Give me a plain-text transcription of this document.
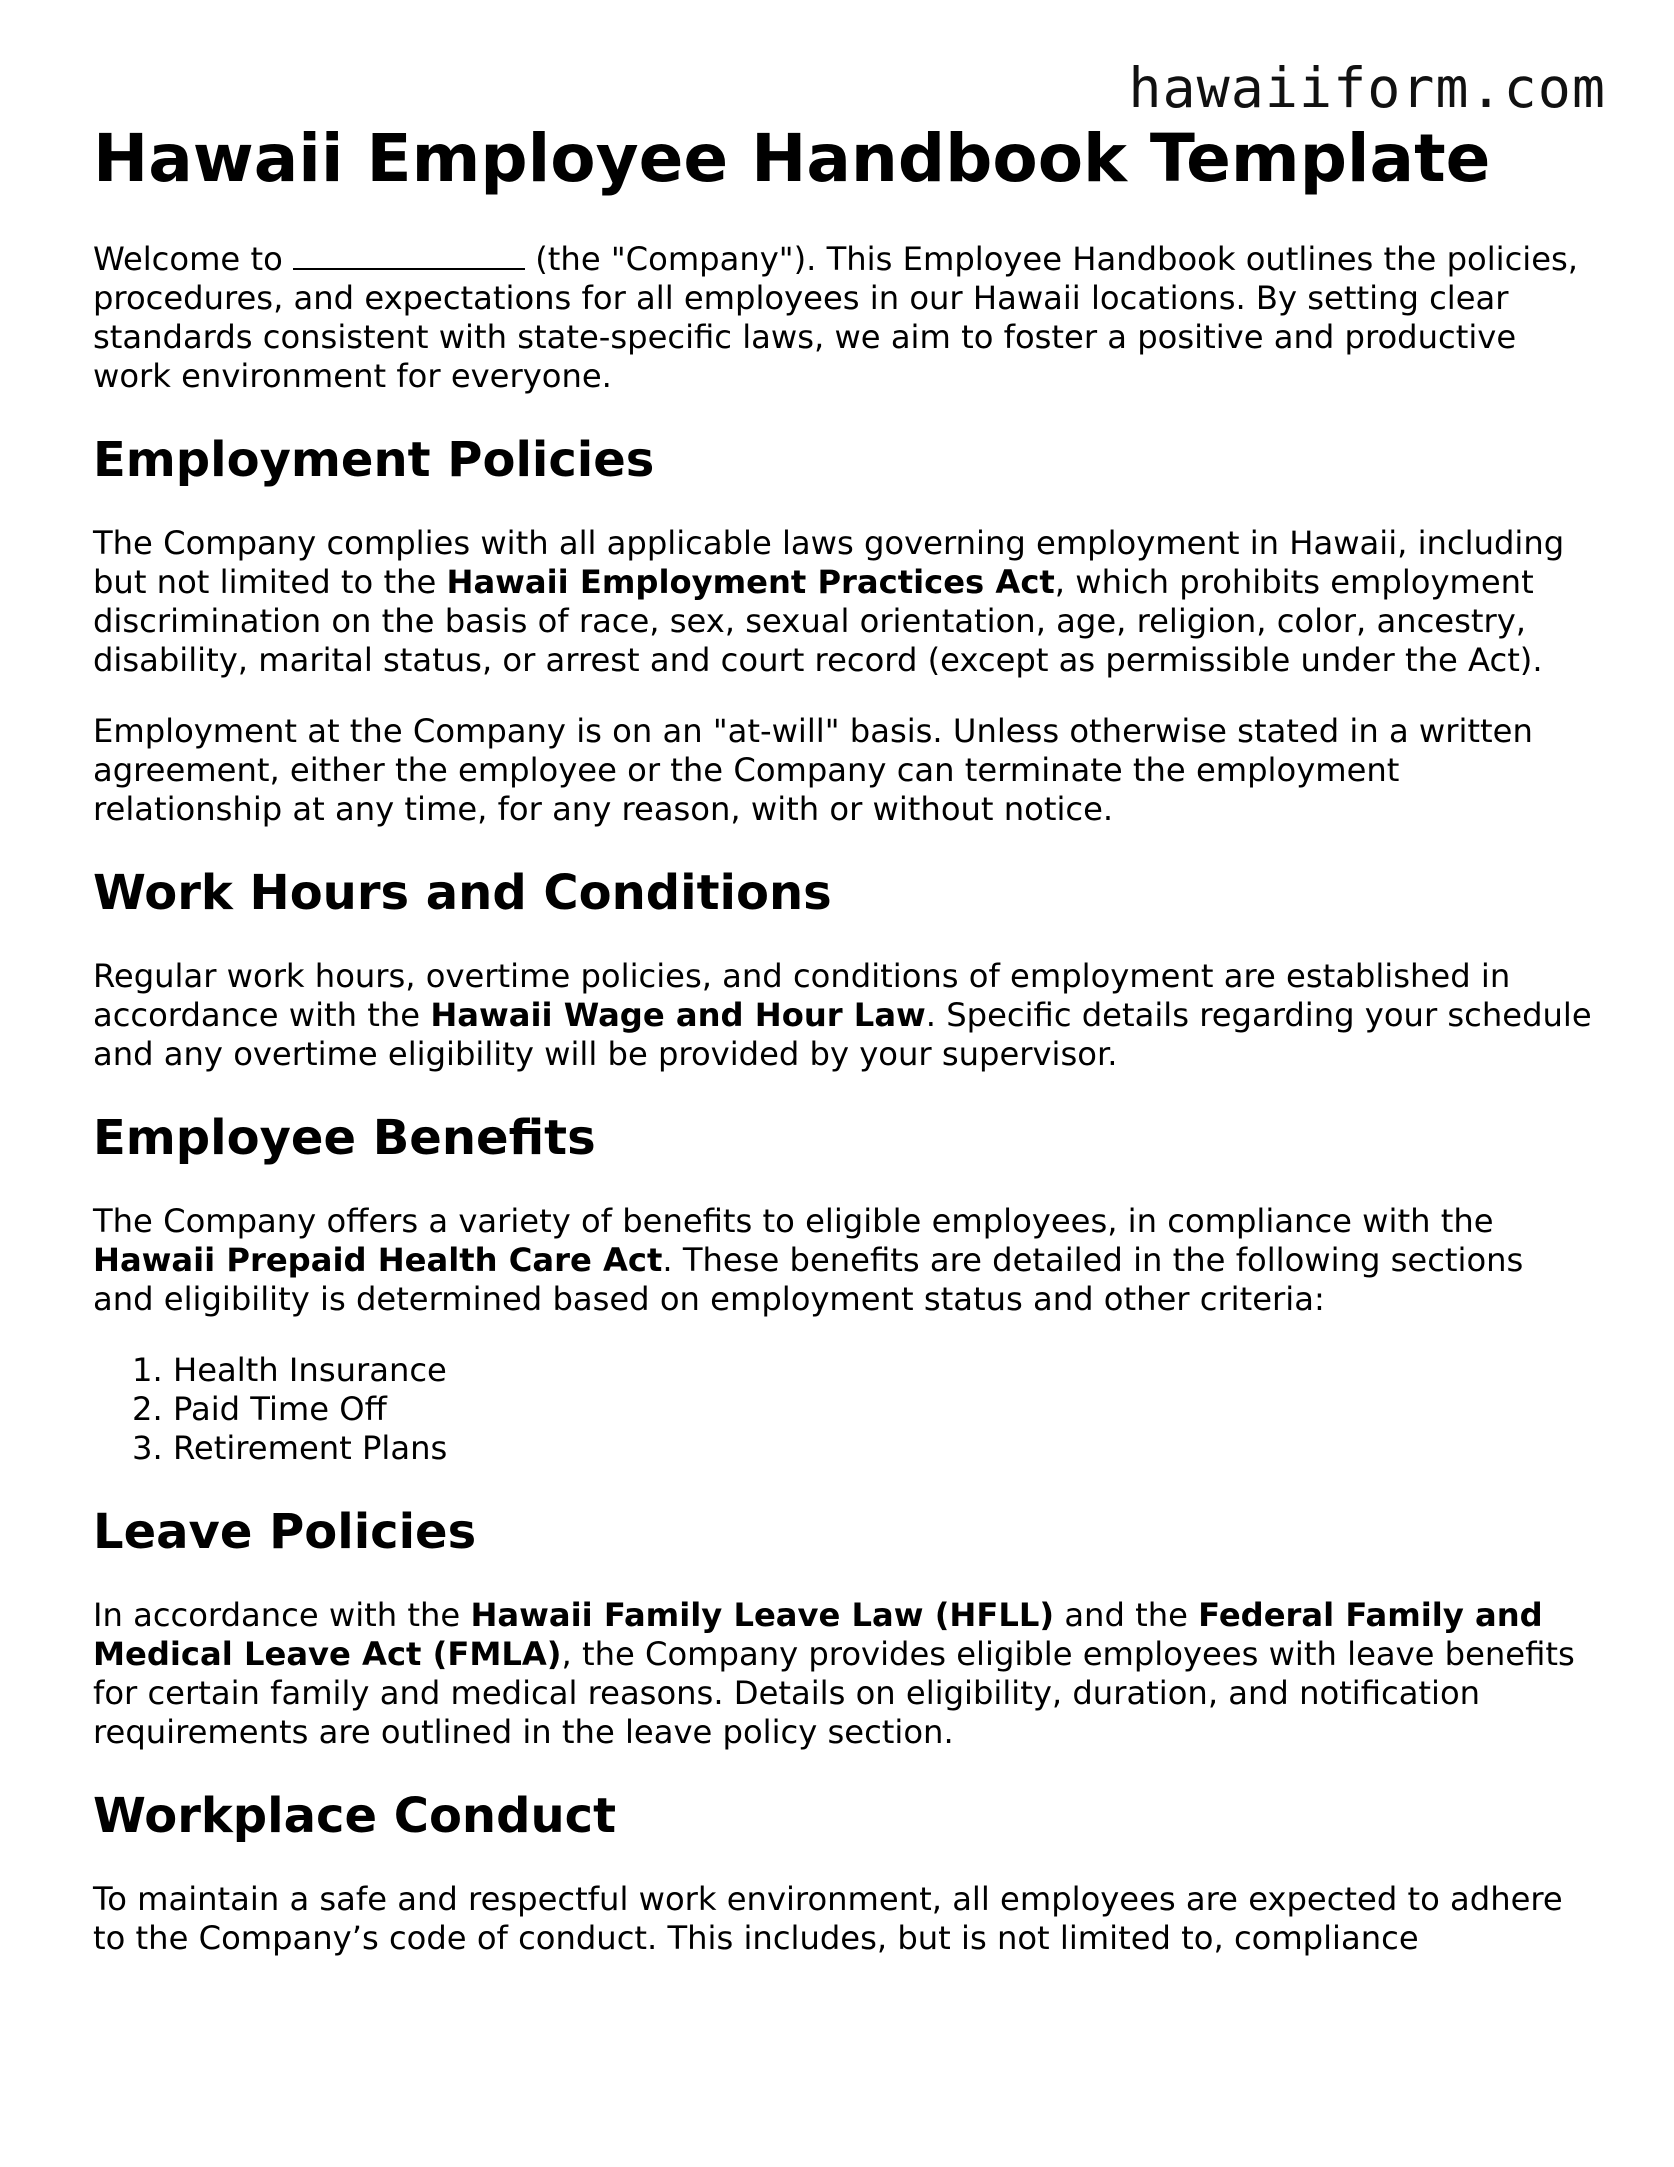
hawaiiform.com
Hawaii Employee Handbook Template

Welcome to	(the "Company"). This Employee Handbook outlines the policies, procedures, and expectations for all employees in our Hawaii locations. By setting clear standards consistent with state-specific laws, we aim to foster a positive and productive work environment for everyone.

Employment Policies

The Company complies with all applicable laws governing employment in Hawaii, including but not limited to the Hawaii Employment Practices Act, which prohibits employment discrimination on the basis of race, sex, sexual orientation, age, religion, color, ancestry, disability, marital status, or arrest and court record (except as permissible under the Act).

Employment at the Company is on an "at-will" basis. Unless otherwise stated in a written agreement, either the employee or the Company can terminate the employment relationship at any time, for any reason, with or without notice.

Work Hours and Conditions

Regular work hours, overtime policies, and conditions of employment are established in accordance with the Hawaii Wage and Hour Law. Specific details regarding your schedule and any overtime eligibility will be provided by your supervisor.

Employee Benefits

The Company offers a variety of benefits to eligible employees, in compliance with the Hawaii Prepaid Health Care Act. These benefits are detailed in the following sections and eligibility is determined based on employment status and other criteria:

1. Health Insurance
2. Paid Time Off
3. Retirement Plans
Leave Policies

In accordance with the Hawaii Family Leave Law (HFLL) and the Federal Family and Medical Leave Act (FMLA), the Company provides eligible employees with leave benefits for certain family and medical reasons. Details on eligibility, duration, and notification requirements are outlined in the leave policy section.

Workplace Conduct

To maintain a safe and respectful work environment, all employees are expected to adhere to the Company’s code of conduct. This includes, but is not limited to, compliance
